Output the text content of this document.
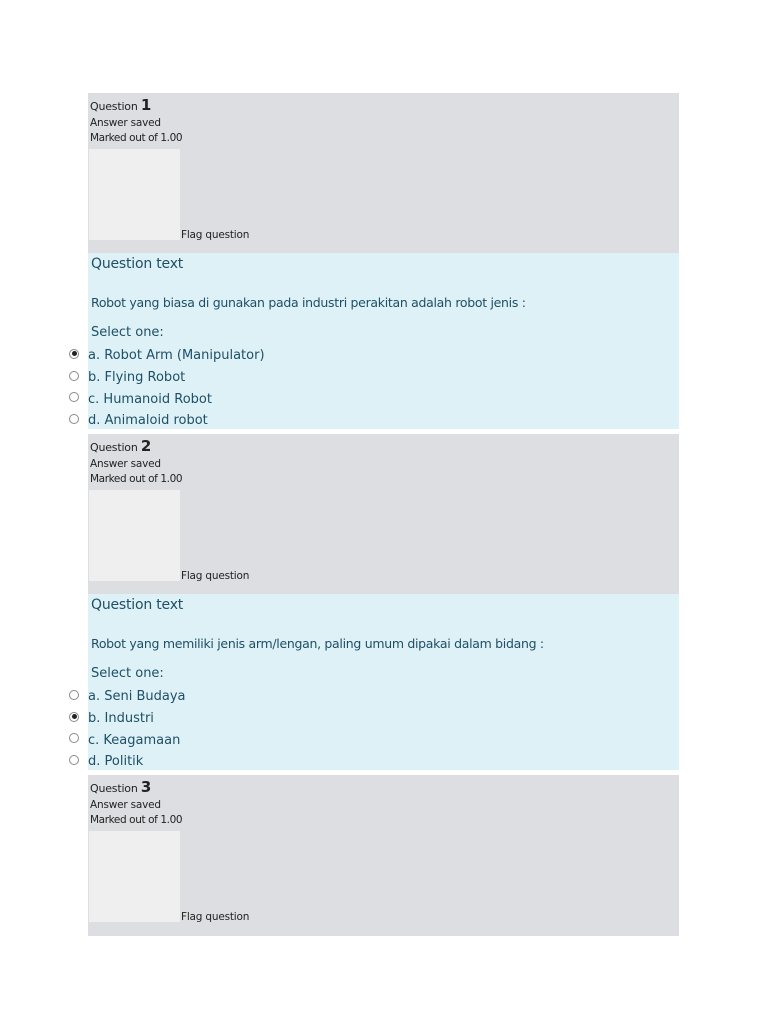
Question 1
Answer saved
Marked out of 1.00
Flag question
Question text
Robot yang biasa di gunakan pada industri perakitan adalah robot jenis :
Select one:
a. Robot Arm (Manipulator)
b. Flying Robot
c. Humanoid Robot
d. Animaloid robot
Question 2
Answer saved
Marked out of 1.00
Flag question
Question text
Robot yang memiliki jenis arm/lengan, paling umum dipakai dalam bidang :
Select one:
a. Seni Budaya
b. Industri
c. Keagamaan
d. Politik
Question 3
Answer saved
Marked out of 1.00
Flag question
